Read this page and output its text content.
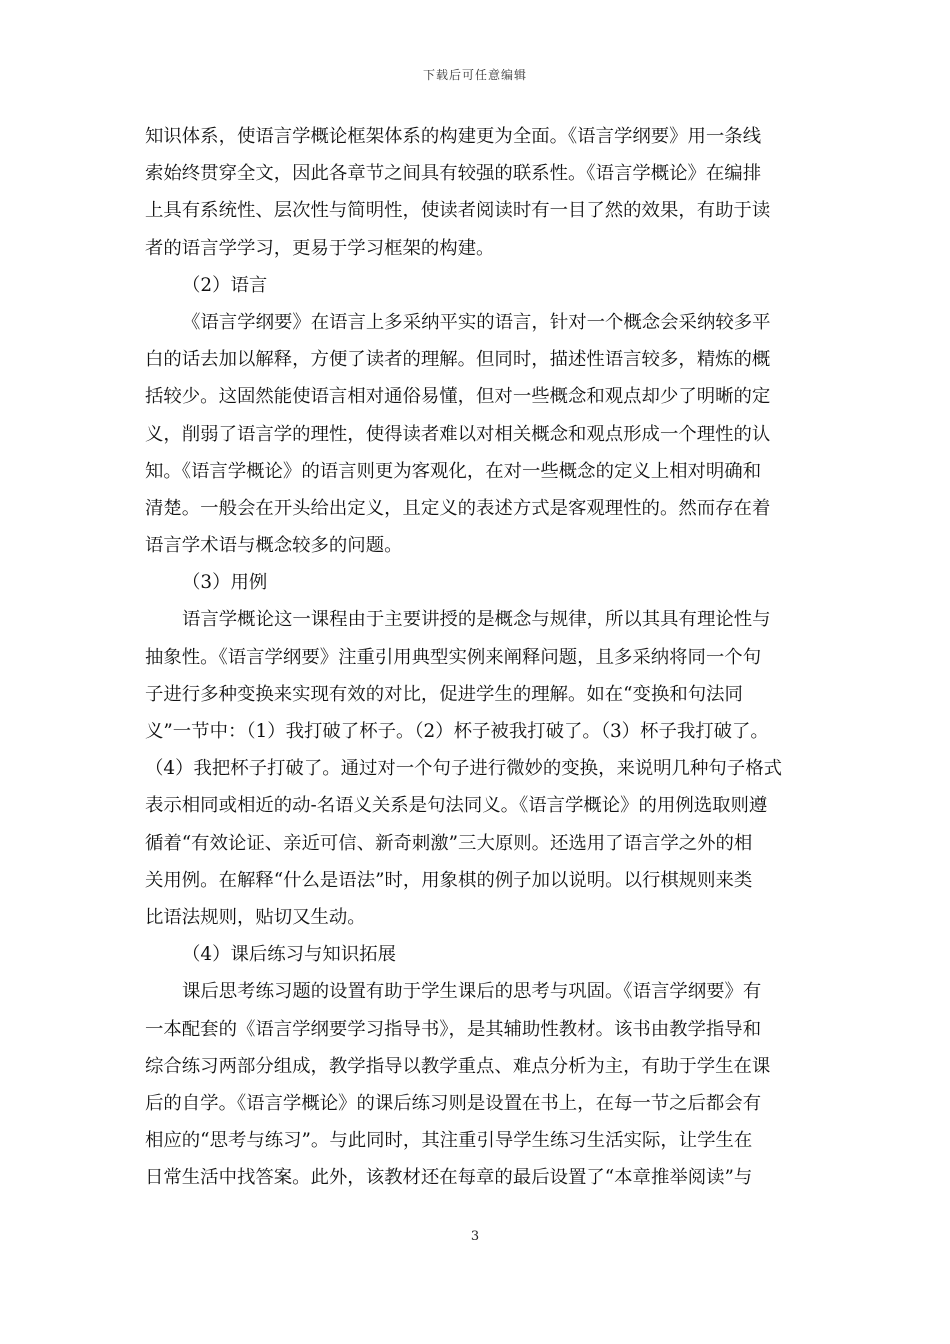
下载后可任意编辑
知识体系，使语言学概论框架体系的构建更为全面。《语言学纲要》用一条线
索始终贯穿全文，因此各章节之间具有较强的联系性。《语言学概论》在编排
上具有系统性、层次性与简明性，使读者阅读时有一目了然的效果，有助于读
者的语言学学习，更易于学习框架的构建。
（2）语言
《语言学纲要》在语言上多采纳平实的语言，针对一个概念会采纳较多平
白的话去加以解释，方便了读者的理解。但同时，描述性语言较多，精炼的概
括较少。这固然能使语言相对通俗易懂，但对一些概念和观点却少了明晰的定
义，削弱了语言学的理性，使得读者难以对相关概念和观点形成一个理性的认
知。《语言学概论》的语言则更为客观化，在对一些概念的定义上相对明确和
清楚。一般会在开头给出定义，且定义的表述方式是客观理性的。然而存在着
语言学术语与概念较多的问题。
（3）用例
语言学概论这一课程由于主要讲授的是概念与规律，所以其具有理论性与
抽象性。《语言学纲要》注重引用典型实例来阐释问题，且多采纳将同一个句
子进行多种变换来实现有效的对比，促进学生的理解。如在“变换和句法同
义”一节中：（1）我打破了杯子。（2）杯子被我打破了。（3）杯子我打破了。
（4）我把杯子打破了。通过对一个句子进行微妙的变换，来说明几种句子格式
表示相同或相近的动-名语义关系是句法同义。《语言学概论》的用例选取则遵
循着“有效论证、亲近可信、新奇刺激”三大原则。还选用了语言学之外的相
关用例。在解释“什么是语法”时，用象棋的例子加以说明。以行棋规则来类
比语法规则，贴切又生动。
（4）课后练习与知识拓展
课后思考练习题的设置有助于学生课后的思考与巩固。《语言学纲要》有
一本配套的《语言学纲要学习指导书》，是其辅助性教材。该书由教学指导和
综合练习两部分组成，教学指导以教学重点、难点分析为主，有助于学生在课
后的自学。《语言学概论》的课后练习则是设置在书上，在每一节之后都会有
相应的“思考与练习”。与此同时，其注重引导学生练习生活实际，让学生在
日常生活中找答案。此外，该教材还在每章的最后设置了“本章推举阅读”与
3
